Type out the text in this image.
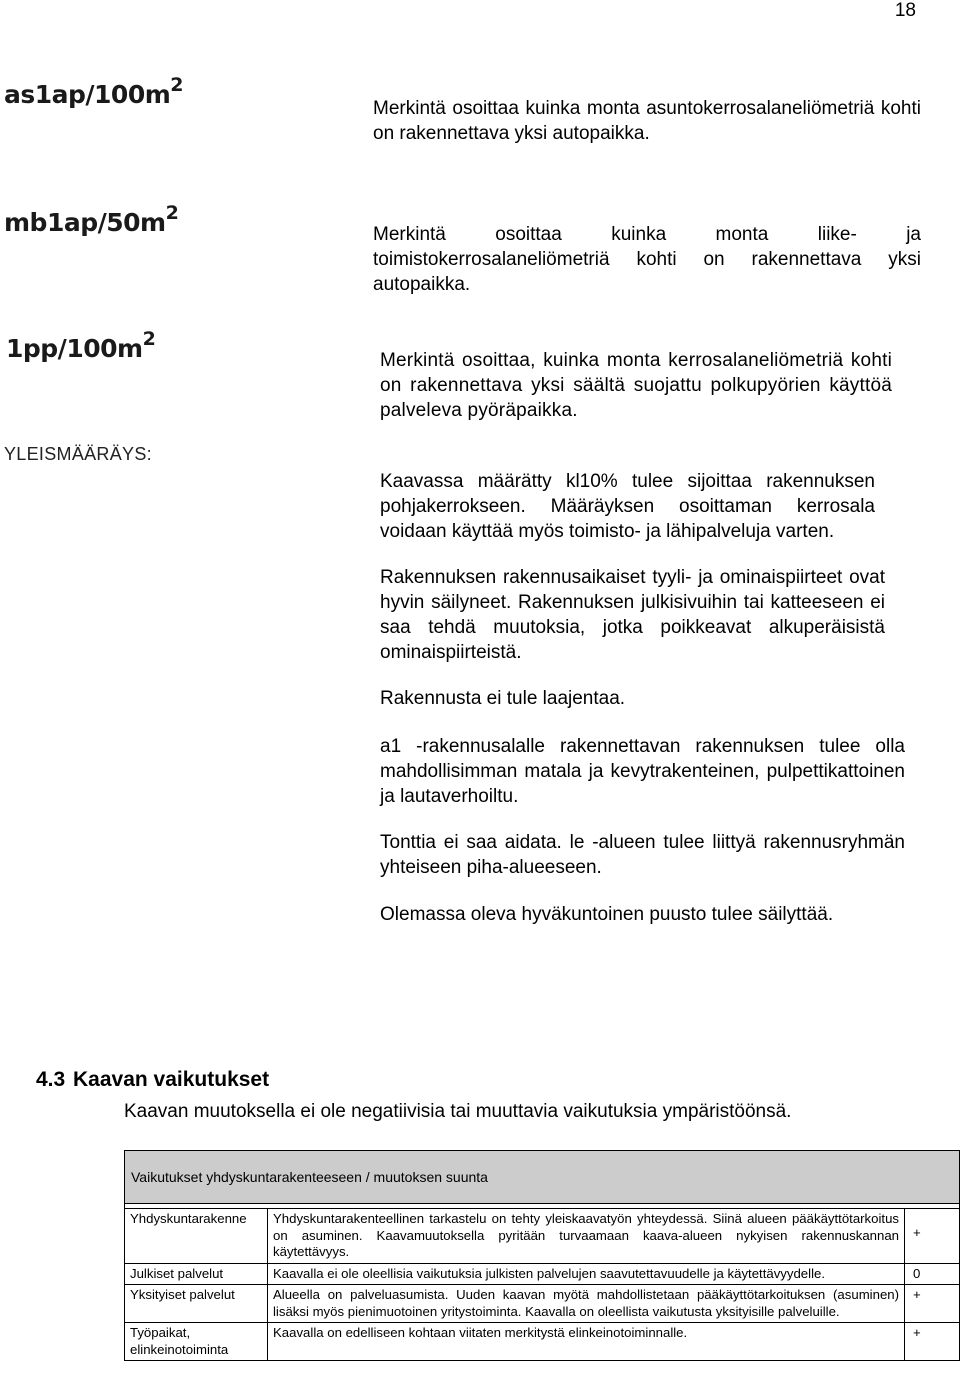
18
$as1ap/100m^2$
Merkintä osoittaa kuinka monta asuntokerrosalaneliömetriä kohti on rakennettava yksi autopaikka.
$mb1ap/50m^2$
Merkintä osoittaa kuinka monta liike- ja toimistokerrosalaneliömetriä kohti on rakennettava yksi autopaikka.
$1pp/100m^2$
Merkintä osoittaa, kuinka monta kerrosalaneliömetriä kohti on rakennettava yksi säältä suojattu polkupyörien käyttöä palveleva pyöräpaikka.
YLEISMÄÄRÄYS:
Kaavassa määrätty kl10% tulee sijoittaa rakennuksen pohjakerrokseen. Määräyksen osoittaman kerrosala voidaan käyttää myös toimisto- ja lähipalveluja varten.
Rakennuksen rakennusaikaiset tyyli- ja ominaispiirteet ovat hyvin säilyneet. Rakennuksen julkisivuihin tai katteeseen ei saa tehdä muutoksia, jotka poikkeavat alkuperäisistä ominaispiirteistä.
Rakennusta ei tule laajentaa.
a1 -rakennusalalle rakennettavan rakennuksen tulee olla mahdollisimman matala ja kevytrakenteinen, pulpettikattoinen ja lautaverhoiltu.
Tonttia ei saa aidata. le -alueen tulee liittyä rakennusryhmän yhteiseen piha-alueeseen.
Olemassa oleva hyväkuntoinen puusto tulee säilyttää.
4.3 Kaavan vaikutukset
Kaavan muutoksella ei ole negatiivisia tai muuttavia vaikutuksia ympäristöönsä.
Vaikutukset yhdyskuntarakenteeseen / muutoksen suunta		

Yhdyskuntarakenne	Yhdyskuntarakenteellinen tarkastelu on tehty yleiskaavatyön yhteydessä. Siinä alueen pääkäyttötarkoitus on asuminen. Kaavamuutoksella pyritään turvaamaan kaava-alueen nykyisen rakennuskannan käytettävyys.	+

Julkiset palvelut	Kaavalla ei ole oleellisia vaikutuksia julkisten palvelujen saavutettavuudelle ja käytettävyydelle.	0

Yksityiset palvelut	Alueella on palveluasumista. Uuden kaavan myötä mahdollistetaan pääkäyttötarkoituksen (asuminen) lisäksi myös pienimuotoinen yritystoiminta. Kaavalla on oleellista vaikutusta yksityisille palveluille.	+

Työpaikat, elinkeinotoiminta	Kaavalla on edelliseen kohtaan viitaten merkitystä elinkeinotoiminnalle.	+
